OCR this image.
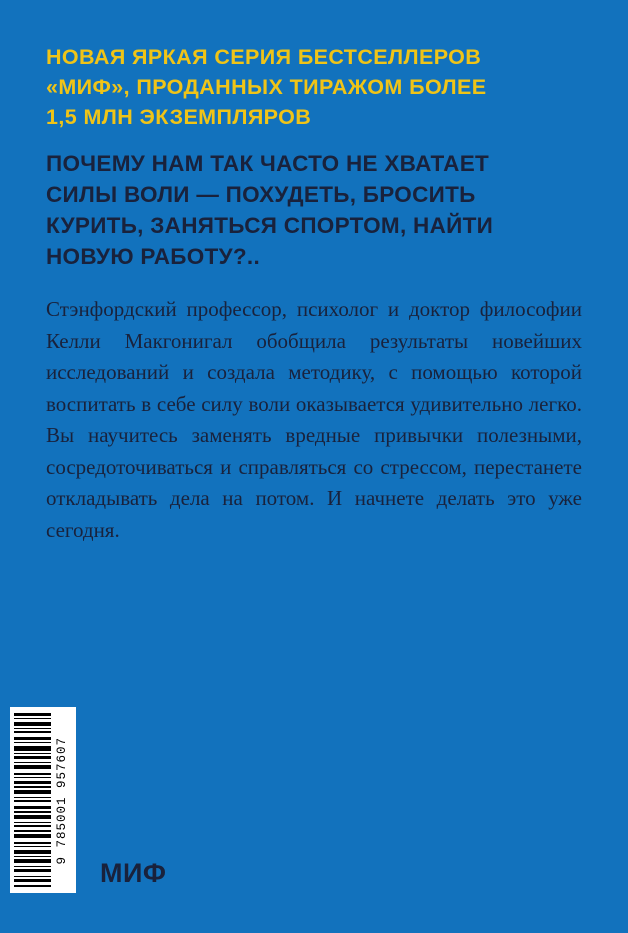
НОВАЯ ЯРКАЯ СЕРИЯ БЕСТСЕЛЛЕРОВ
«МИФ», ПРОДАННЫХ ТИРАЖОМ БОЛЕЕ
1,5 МЛН ЭКЗЕМПЛЯРОВ
ПОЧЕМУ НАМ ТАК ЧАСТО НЕ ХВАТАЕТ
СИЛЫ ВОЛИ — ПОХУДЕТЬ, БРОСИТЬ
КУРИТЬ, ЗАНЯТЬСЯ СПОРТОМ, НАЙТИ
НОВУЮ РАБОТУ?..

Стэнфордский профессор, психолог и доктор философии Келли Макгонигал обобщила результаты новейших исследований и создала методику, с помощью которой воспитать в себе силу воли оказывается удивительно легко. Вы научитесь заменять вредные привычки полезными, сосредоточиваться и справляться со стрессом, перестанете откладывать дела на потом. И начнете делать это уже сегодня.

9 785001 957607
МИФ
